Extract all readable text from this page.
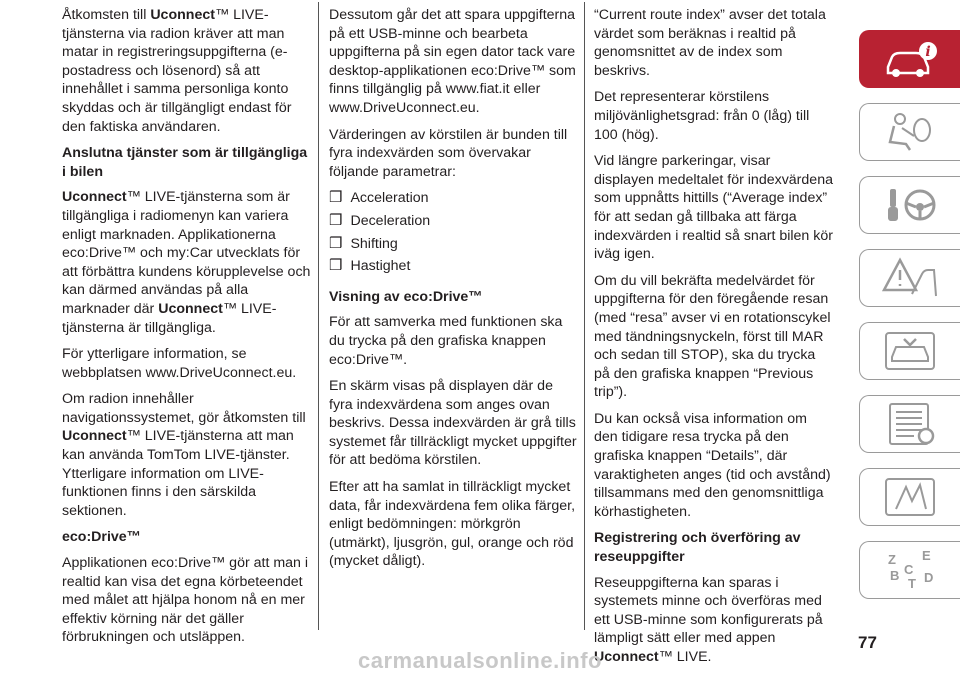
Åtkomsten till Uconnect™ LIVE-tjänsterna via radion kräver att man matar in registreringsuppgifterna (e-postadress och lösenord) så att innehållet i samma personliga konto skyddas och är tillgängligt endast för den faktiska användaren.

Anslutna tjänster som är tillgängliga i bilen

Uconnect™ LIVE-tjänsterna som är tillgängliga i radiomenyn kan variera enligt marknaden. Applikationerna eco:Drive™ och my:Car utvecklats för att förbättra kundens körupplevelse och kan därmed användas på alla marknader där Uconnect™ LIVE-tjänsterna är tillgängliga.

För ytterligare information, se webbplatsen www.DriveUconnect.eu.

Om radion innehåller navigationssystemet, gör åtkomsten till Uconnect™ LIVE-tjänsterna att man kan använda TomTom LIVE-tjänster. Ytterligare information om LIVE-funktionen finns i den särskilda sektionen.

eco:Drive™

Applikationen eco:Drive™ gör att man i realtid kan visa det egna körbeteendet med målet att hjälpa honom nå en mer effektiv körning när det gäller förbrukningen och utsläppen.

Dessutom går det att spara uppgifterna på ett USB-minne och bearbeta uppgifterna på sin egen dator tack vare desktop-applikationen eco:Drive™ som finns tillgänglig på www.fiat.it eller www.DriveUconnect.eu.

Värderingen av körstilen är bunden till fyra indexvärden som övervakar följande parametrar:

❒ Acceleration
❒ Deceleration
❒ Shifting
❒ Hastighet
Visning av eco:Drive™

För att samverka med funktionen ska du trycka på den grafiska knappen eco:Drive™.

En skärm visas på displayen där de fyra indexvärdena som anges ovan beskrivs. Dessa indexvärden är grå tills systemet får tillräckligt mycket uppgifter för att bedöma körstilen.

Efter att ha samlat in tillräckligt mycket data, får indexvärdena fem olika färger, enligt bedömningen: mörkgrön (utmärkt), ljusgrön, gul, orange och röd (mycket dåligt).

“Current route index” avser det totala värdet som beräknas i realtid på genomsnittet av de index som beskrivs.

Det representerar körstilens miljövänlighetsgrad: från 0 (låg) till 100 (hög).

Vid längre parkeringar, visar displayen medeltalet för indexvärdena som uppnåtts hittills (“Average index” för att sedan gå tillbaka att färga indexvärden i realtid så snart bilen kör iväg igen.

Om du vill bekräfta medelvärdet för uppgifterna för den föregående resan (med “resa” avser vi en rotationscykel med tändningsnyckeln, först till MAR och sedan till STOP), ska du trycka på den grafiska knappen “Previous trip”).

Du kan också visa information om den tidigare resa trycka på den grafiska knappen “Details”, där varaktigheten anges (tid och avstånd) tillsammans med den genomsnittliga körhastigheten.

Registrering och överföring av reseuppgifter

Reseuppgifterna kan sparas i systemets minne och överföras med ett USB-minne som konfigurerats på lämpligt sätt eller med appen Uconnect™ LIVE.

i
Z E
B C
T D
77
carmanualsonline.info
